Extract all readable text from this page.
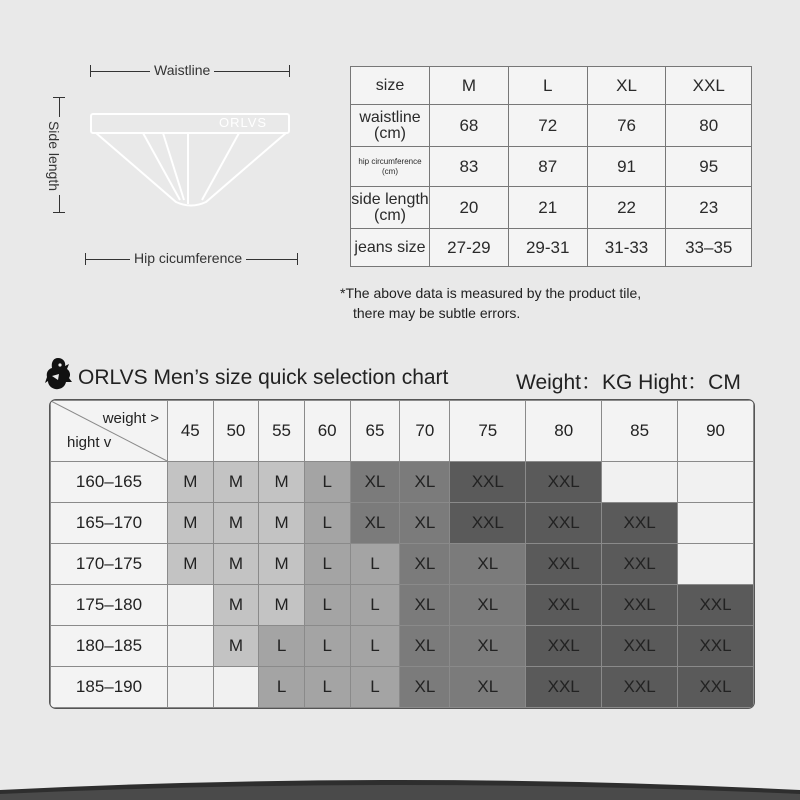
Waistline
Side length
Hip cicumference
ORLVS
size	M	L	XL	XXL
waistline
(cm)	68	72	76	80
hip circumference
(cm)	83	87	91	95
side length
(cm)	20	21	22	23
jeans size	27-29	29-31	31-33	33–35
*The above data is measured by the product tile,
there may be subtle errors.
ORLVS Men’s size quick selection chart	Weight：KG Hight：CM
weight >
hight v	45	50	55	60	65	70	75	80	85	90
160–165	M	M	M	L	XL	XL	XXL	XXL		
165–170	M	M	M	L	XL	XL	XXL	XXL	XXL	
170–175	M	M	M	L	L	XL	XL	XXL	XXL	
175–180		M	M	L	L	XL	XL	XXL	XXL	XXL
180–185		M	L	L	L	XL	XL	XXL	XXL	XXL
185–190			L	L	L	XL	XL	XXL	XXL	XXL
